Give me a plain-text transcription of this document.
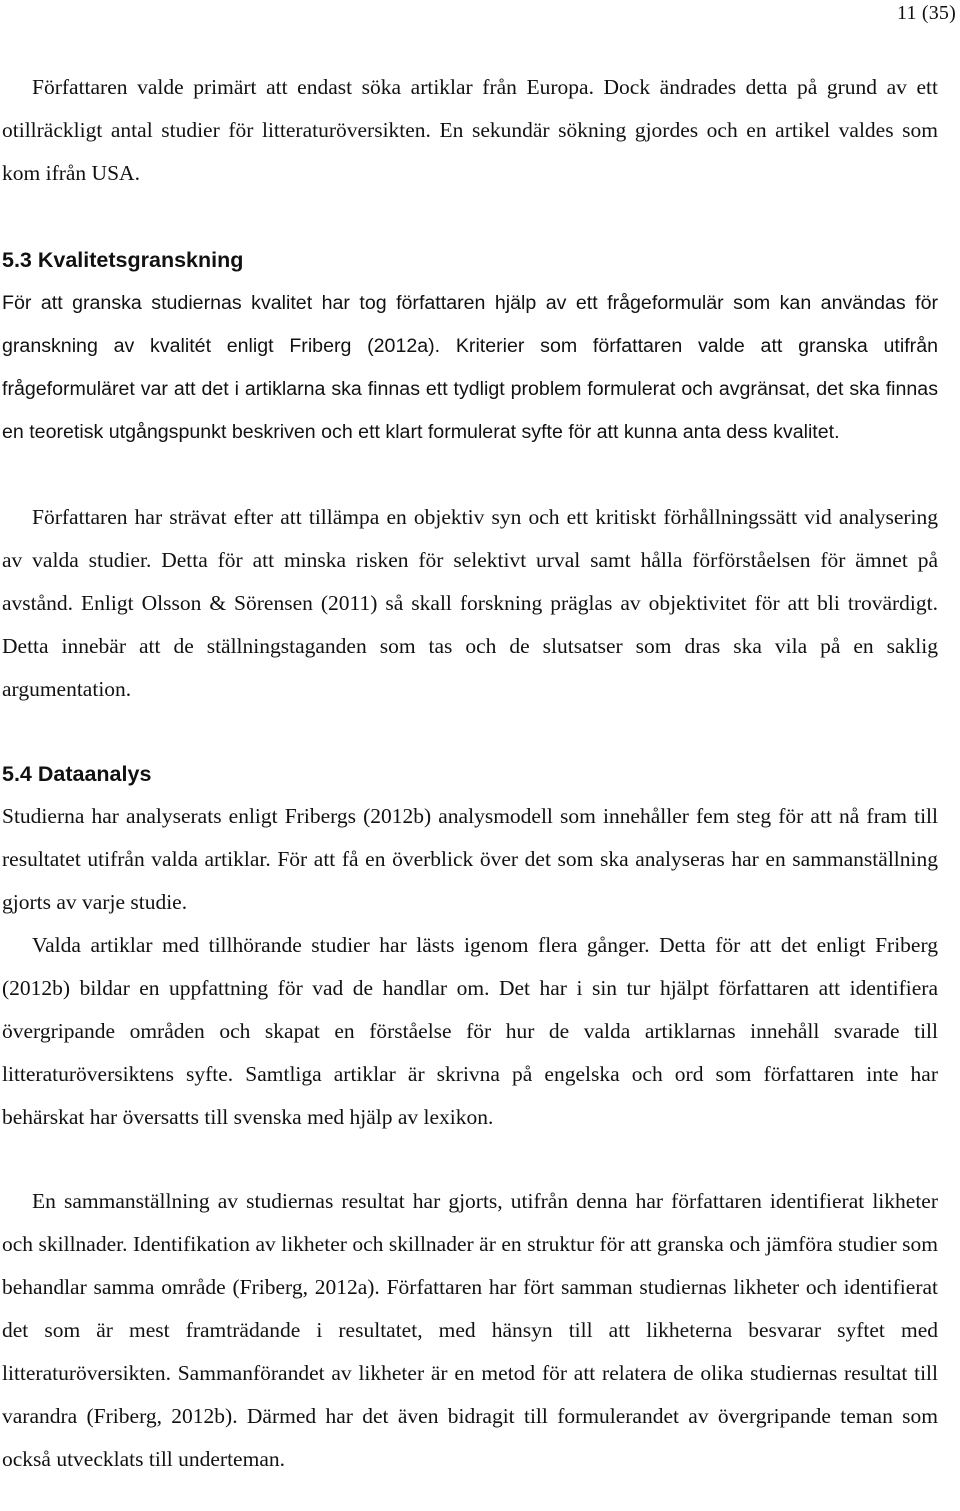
11 (35)

Författaren valde primärt att endast söka artiklar från Europa. Dock ändrades detta på grund av ett otillräckligt antal studier för litteraturöversikten. En sekundär sökning gjordes och en artikel valdes som kom ifrån USA.

5.3 Kvalitetsgranskning

För att granska studiernas kvalitet har tog författaren hjälp av ett frågeformulär som kan användas för granskning av kvalitét enligt Friberg (2012a). Kriterier som författaren valde att granska utifrån frågeformuläret var att det i artiklarna ska finnas ett tydligt problem formulerat och avgränsat, det ska finnas en teoretisk utgångspunkt beskriven och ett klart formulerat syfte för att kunna anta dess kvalitet.

Författaren har strävat efter att tillämpa en objektiv syn och ett kritiskt förhållningssätt vid analysering av valda studier. Detta för att minska risken för selektivt urval samt hålla förförståelsen för ämnet på avstånd. Enligt Olsson & Sörensen (2011) så skall forskning präglas av objektivitet för att bli trovärdigt. Detta innebär att de ställningstaganden som tas och de slutsatser som dras ska vila på en saklig argumentation.

5.4 Dataanalys

Studierna har analyserats enligt Fribergs (2012b) analysmodell som innehåller fem steg för att nå fram till resultatet utifrån valda artiklar. För att få en överblick över det som ska analyseras har en sammanställning gjorts av varje studie.

Valda artiklar med tillhörande studier har lästs igenom flera gånger. Detta för att det enligt Friberg (2012b) bildar en uppfattning för vad de handlar om. Det har i sin tur hjälpt författaren att identifiera övergripande områden och skapat en förståelse för hur de valda artiklarnas innehåll svarade till litteraturöversiktens syfte. Samtliga artiklar är skrivna på engelska och ord som författaren inte har behärskat har översatts till svenska med hjälp av lexikon.

En sammanställning av studiernas resultat har gjorts, utifrån denna har författaren identifierat likheter och skillnader. Identifikation av likheter och skillnader är en struktur för att granska och jämföra studier som behandlar samma område (Friberg, 2012a). Författaren har fört samman studiernas likheter och identifierat det som är mest framträdande i resultatet, med hänsyn till att likheterna besvarar syftet med litteraturöversikten. Sammanförandet av likheter är en metod för att relatera de olika studiernas resultat till varandra (Friberg, 2012b). Därmed har det även bidragit till formulerandet av övergripande teman som också utvecklats till underteman.
